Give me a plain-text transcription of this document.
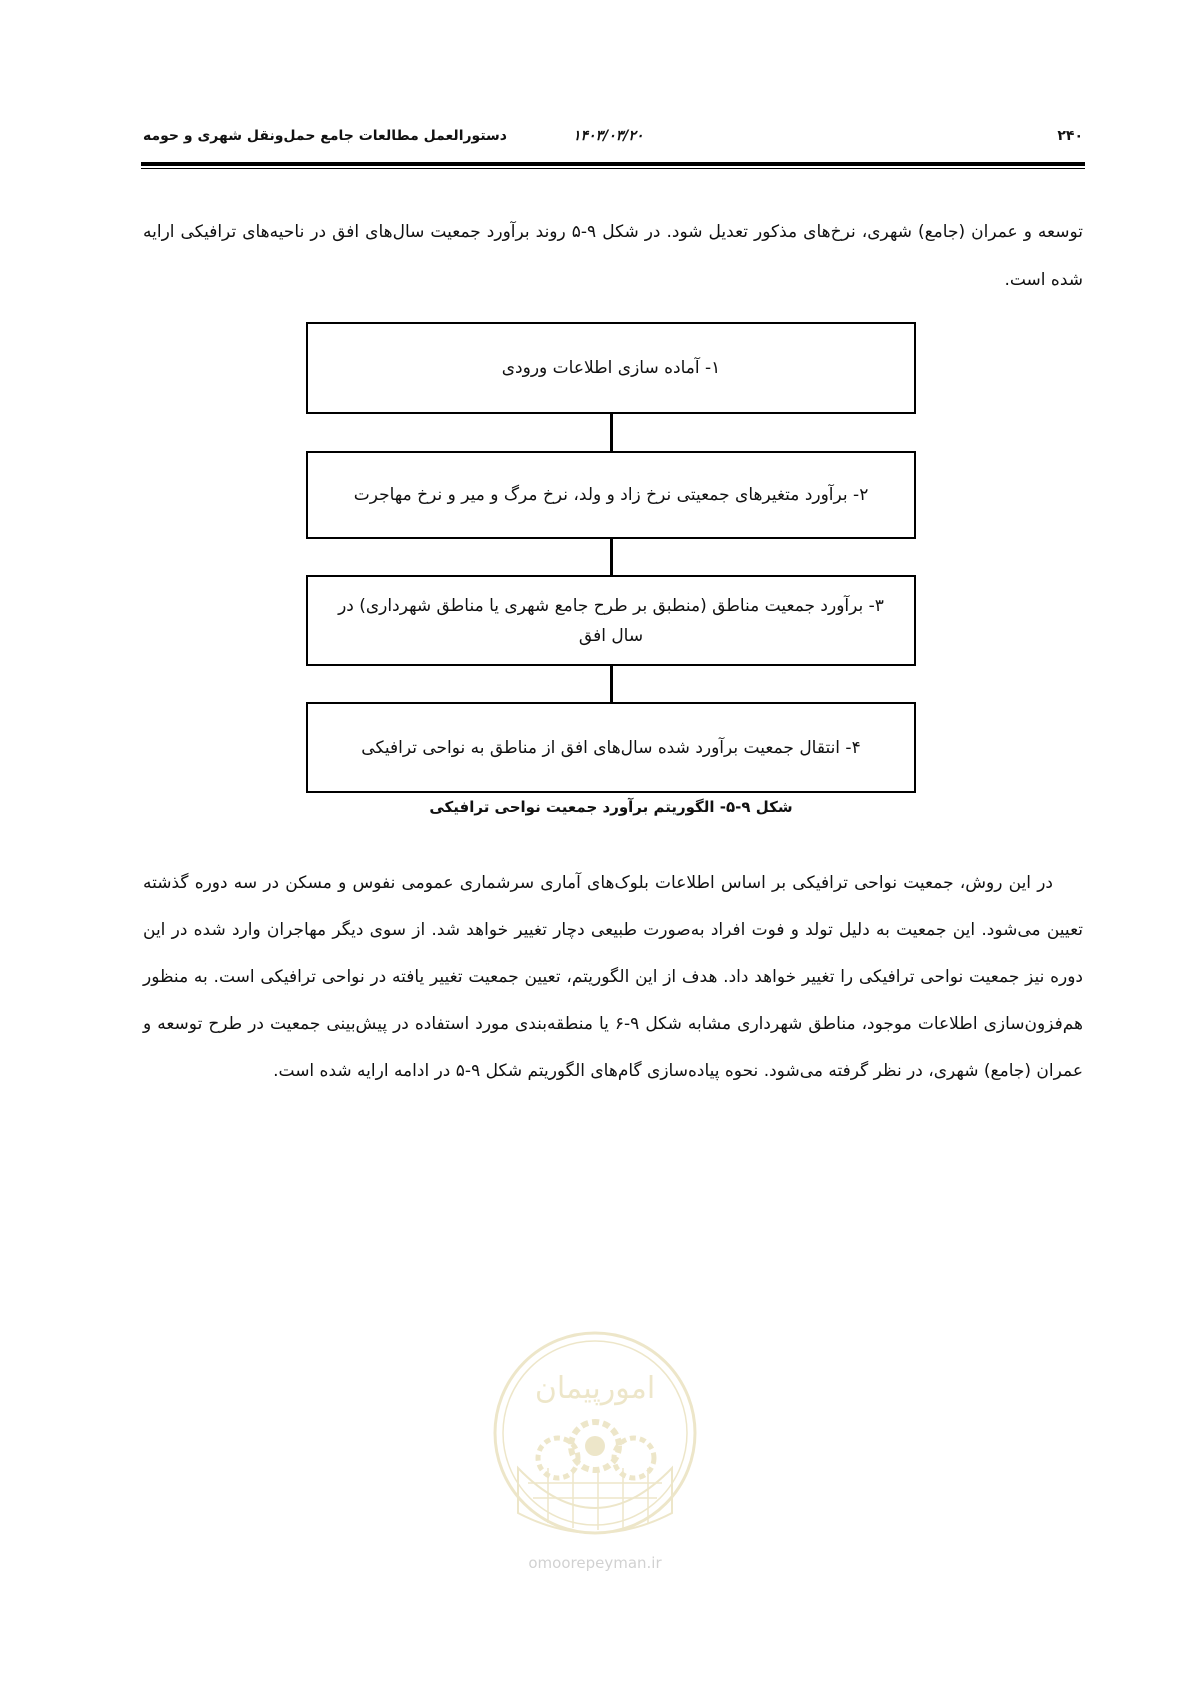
۲۴۰
۱۴۰۳/۰۳/۲۰
دستورالعمل مطالعات جامع حمل‌ونقل شهری و حومه

توسعه و عمران (جامع) شهری، نرخ‌های مذکور تعدیل شود. در شکل ۹-۵ روند برآورد جمعیت سال‌های افق در ناحیه‌های ترافیکی ارایه شده است.

۱- آماده سازی اطلاعات ورودی
۲- برآورد متغیرهای جمعیتی نرخ زاد و ولد، نرخ مرگ و میر و نرخ مهاجرت
۳- برآورد جمعیت مناطق (منطبق بر طرح جامع شهری یا مناطق شهرداری) در سال افق
۴- انتقال جمعیت برآورد شده سال‌های افق از مناطق به نواحی ترافیکی
شکل ۹-۵- الگوریتم برآورد جمعیت نواحی ترافیکی

در این روش، جمعیت نواحی ترافیکی بر اساس اطلاعات بلوک‌های آماری سرشماری عمومی نفوس و مسکن در سه دوره گذشته تعیین می‌شود. این جمعیت به دلیل تولد و فوت افراد به‌صورت طبیعی دچار تغییر خواهد شد. از سوی دیگر مهاجران وارد شده در این دوره نیز جمعیت نواحی ترافیکی را تغییر خواهد داد. هدف از این الگوریتم، تعیین جمعیت تغییر یافته در نواحی ترافیکی است. به منظور هم‌فزون‌سازی اطلاعات موجود، مناطق شهرداری مشابه شکل ۹-۶ یا منطقه‌بندی مورد استفاده در پیش‌بینی جمعیت در طرح توسعه و عمران (جامع) شهری، در نظر گرفته می‌شود. نحوه پیاده‌سازی گام‌های الگوریتم شکل ۹-۵ در ادامه ارایه شده است.

امورپیمان
omoorepeyman.ir
